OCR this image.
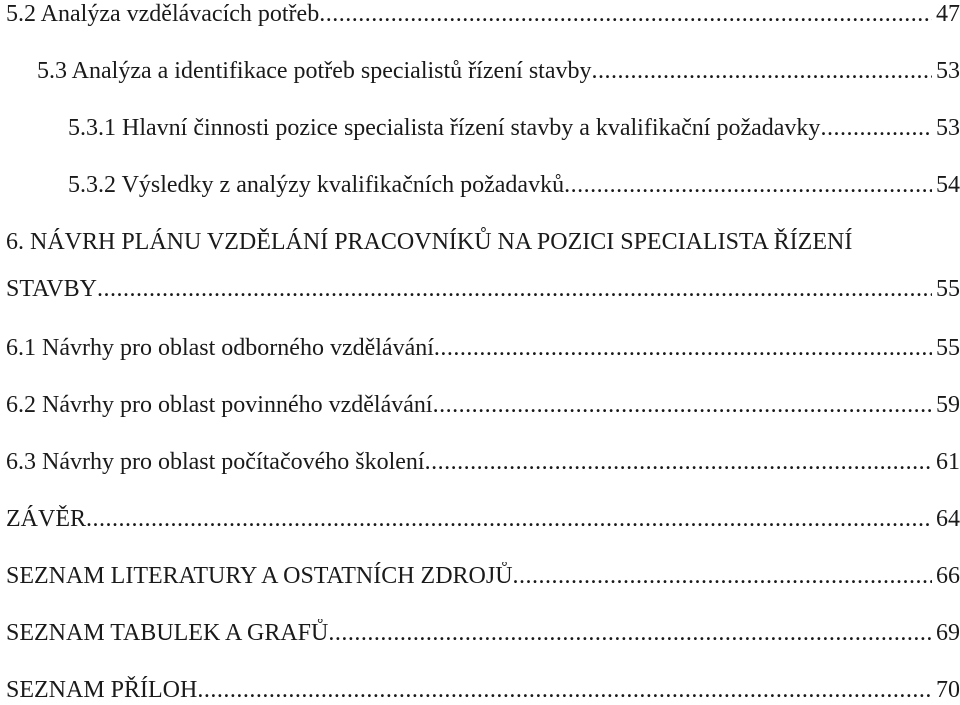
5.2 Analýza vzdělávacích potřeb .....	47
5.3 Analýza a identifikace potřeb specialistů řízení stavby .....	53
5.3.1 Hlavní činnosti pozice specialista řízení stavby a kvalifikační požadavky .....	53
5.3.2 Výsledky z analýzy kvalifikačních požadavků .....	54
6. NÁVRH PLÁNU VZDĚLÁNÍ PRACOVNÍKŮ NA POZICI SPECIALISTA ŘÍZENÍ
STAVBY .....	55
6.1 Návrhy pro oblast odborného vzdělávání .....	55
6.2 Návrhy pro oblast povinného vzdělávání .....	59
6.3 Návrhy pro oblast počítačového školení .....	61
ZÁVĚR .....	64
SEZNAM LITERATURY A OSTATNÍCH ZDROJŮ .....	66
SEZNAM TABULEK A GRAFŮ .....	69
SEZNAM PŘÍLOH .....	70
